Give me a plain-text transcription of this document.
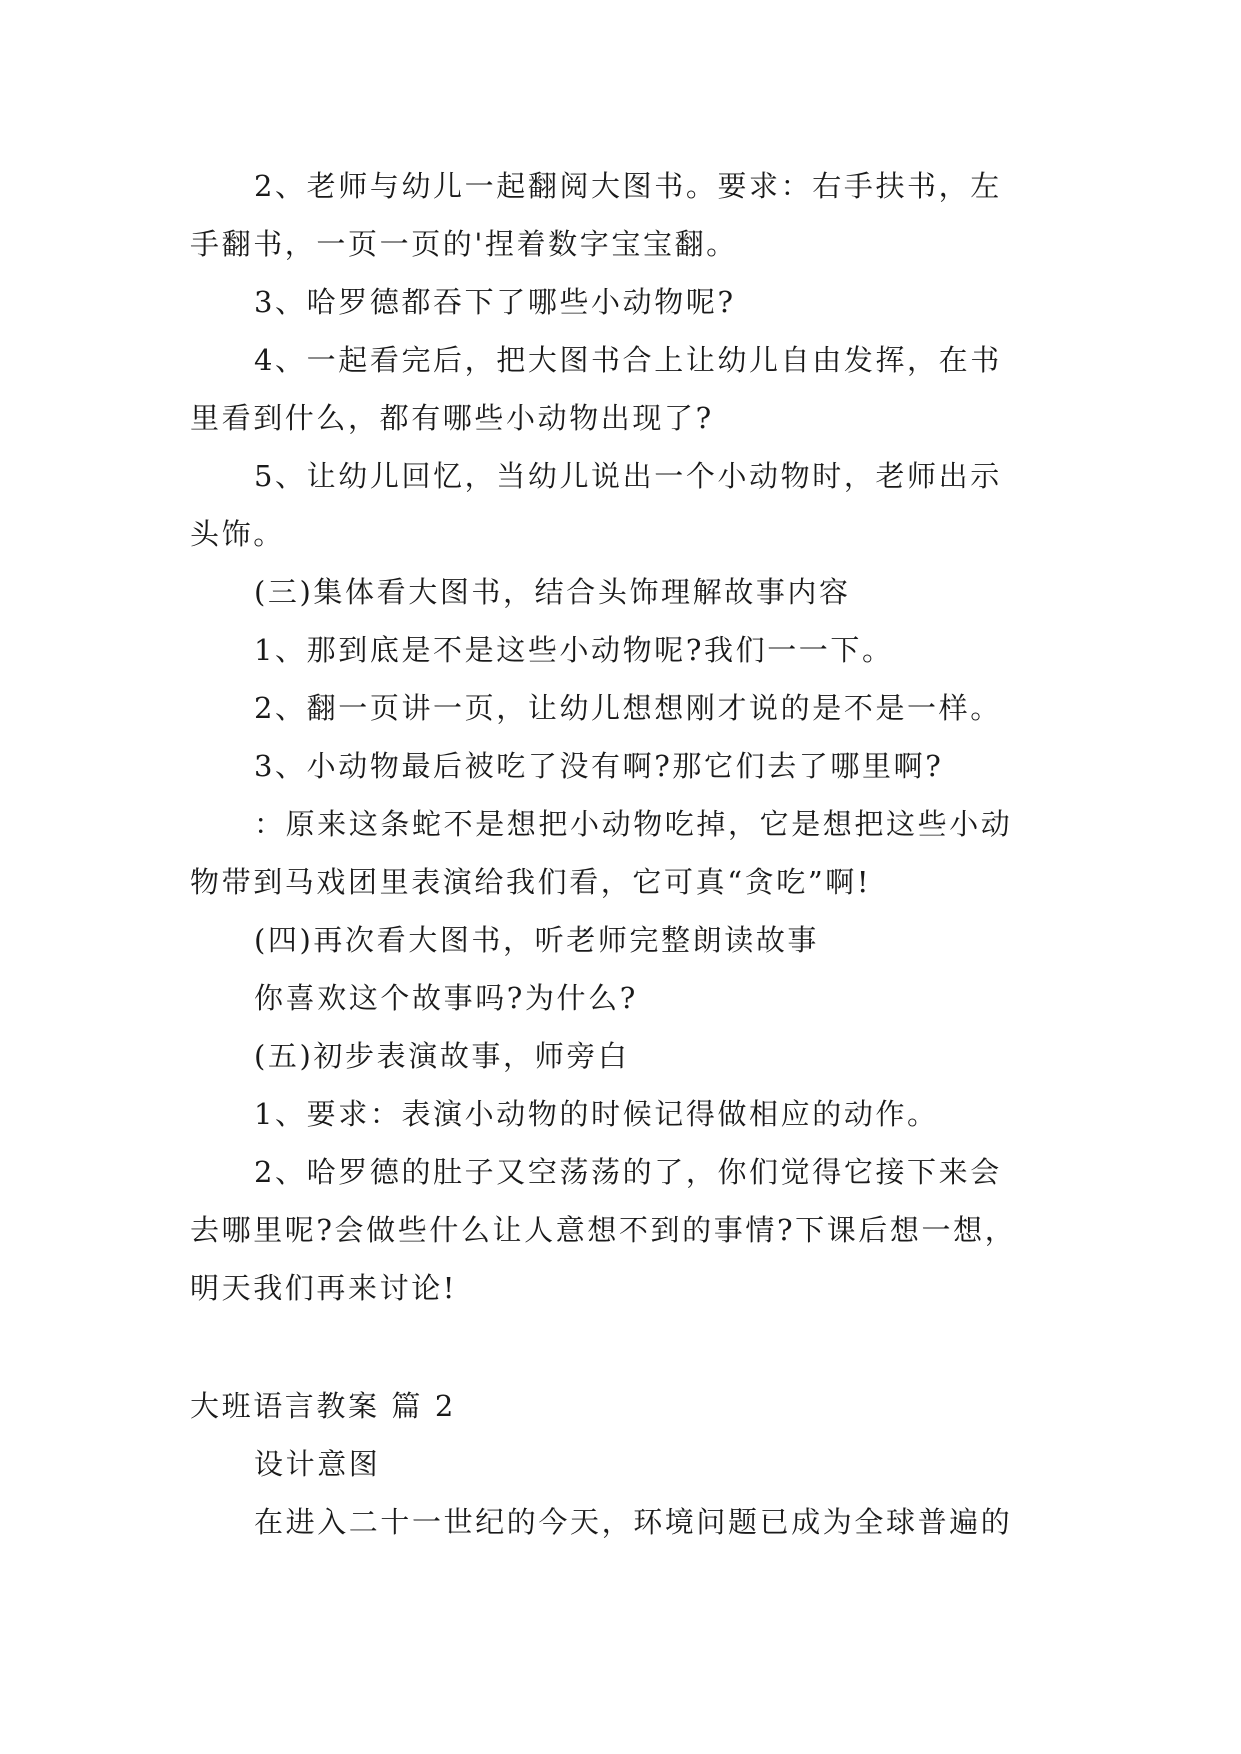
2、老师与幼儿一起翻阅大图书。要求：右手扶书，左
手翻书，一页一页的'捏着数字宝宝翻。
3、哈罗德都吞下了哪些小动物呢?
4、一起看完后，把大图书合上让幼儿自由发挥，在书
里看到什么，都有哪些小动物出现了?
5、让幼儿回忆，当幼儿说出一个小动物时，老师出示
头饰。
(三)集体看大图书，结合头饰理解故事内容
1、那到底是不是这些小动物呢?我们一一下。
2、翻一页讲一页，让幼儿想想刚才说的是不是一样。
3、小动物最后被吃了没有啊?那它们去了哪里啊?
：原来这条蛇不是想把小动物吃掉，它是想把这些小动
物带到马戏团里表演给我们看，它可真“贪吃”啊!
(四)再次看大图书，听老师完整朗读故事
你喜欢这个故事吗?为什么?
(五)初步表演故事，师旁白
1、要求：表演小动物的时候记得做相应的动作。
2、哈罗德的肚子又空荡荡的了，你们觉得它接下来会
去哪里呢?会做些什么让人意想不到的事情?下课后想一想，
明天我们再来讨论!
大班语言教案 篇 2
设计意图
在进入二十一世纪的今天，环境问题已成为全球普遍的
